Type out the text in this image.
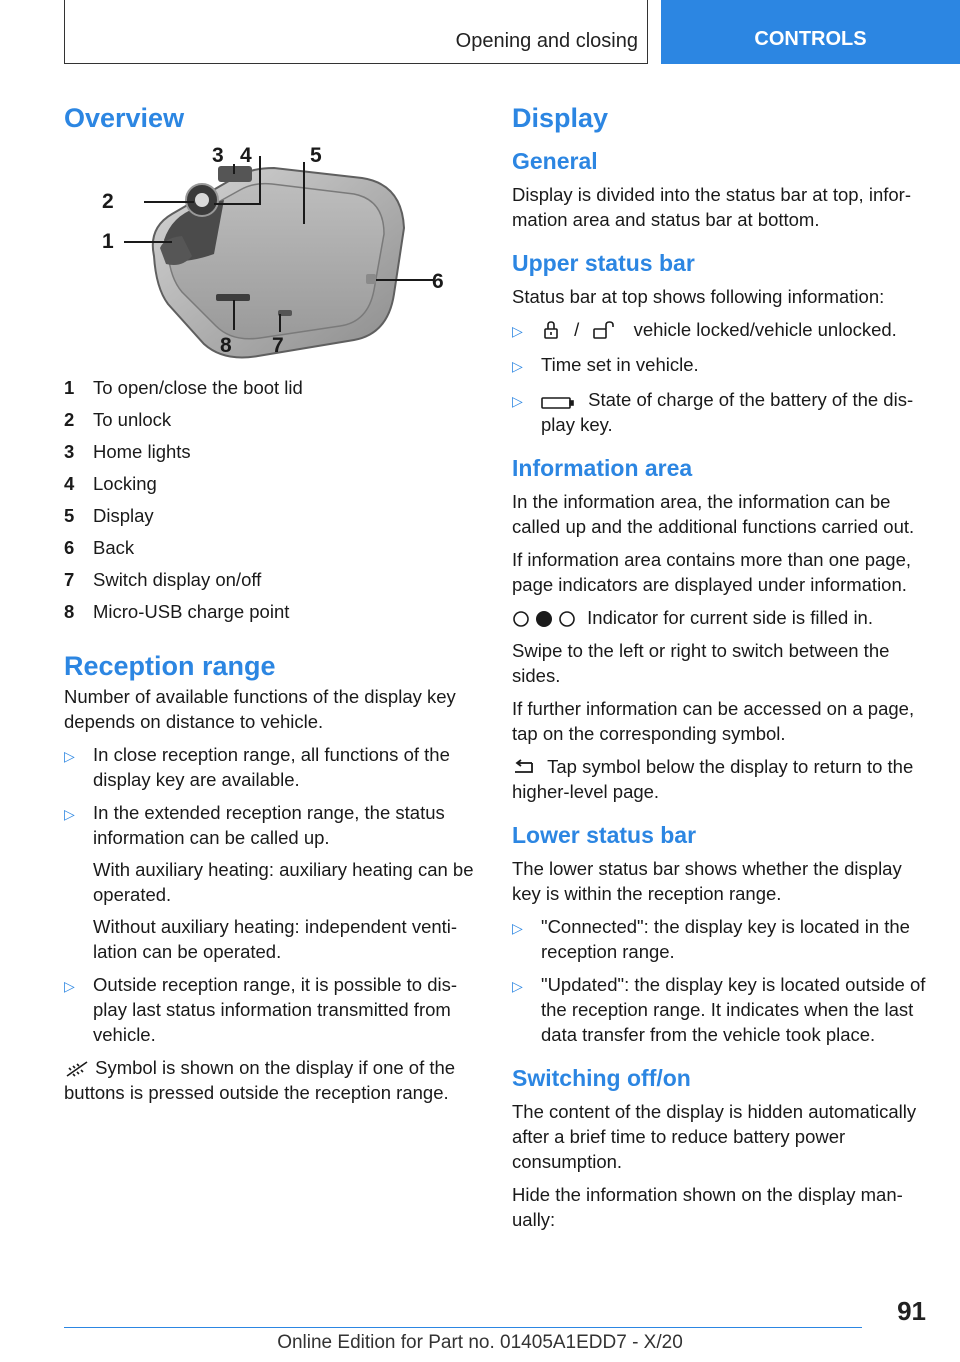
Opening and closing	CONTROLS
Overview
3 4	5
2
1
6
8 7
1	To open/close the boot lid
2	To unlock
3	Home lights
4	Locking
5	Display
6	Back
7	Switch display on/off
8	Micro-USB charge point
Reception range

Number of available functions of the display key depends on distance to vehicle.

▷ In close reception range, all functions of the display key are available.

▷ In the extended reception range, the status information can be called up.

With auxiliary heating: auxiliary heating can be operated.

Without auxiliary heating: independent ventilation can be operated.

▷ Outside reception range, it is possible to display last status information transmitted from vehicle.

Symbol is shown on the display if one of the buttons is pressed outside the reception range.

Display
General

Display is divided into the status bar at top, information area and status bar at bottom.

Upper status bar

Status bar at top shows following information:

▷	/	vehicle locked/vehicle unlocked.

▷ Time set in vehicle.

▷	State of charge of the battery of the display key.

Information area

In the information area, the information can be called up and the additional functions carried out.

If information area contains more than one page, page indicators are displayed under information.

Indicator for current side is filled in.

Swipe to the left or right to switch between the sides.

If further information can be accessed on a page, tap on the corresponding symbol.

Tap symbol below the display to return to the higher-level page.

Lower status bar

The lower status bar shows whether the display key is within the reception range.

▷ "Connected": the display key is located in the reception range.

▷ "Updated": the display key is located outside of the reception range. It indicates when the last data transfer from the vehicle took place.

Switching off/on

The content of the display is hidden automatically after a brief time to reduce battery power consumption.

Hide the information shown on the display manually:

91
Online Edition for Part no. 01405A1EDD7 - X/20
